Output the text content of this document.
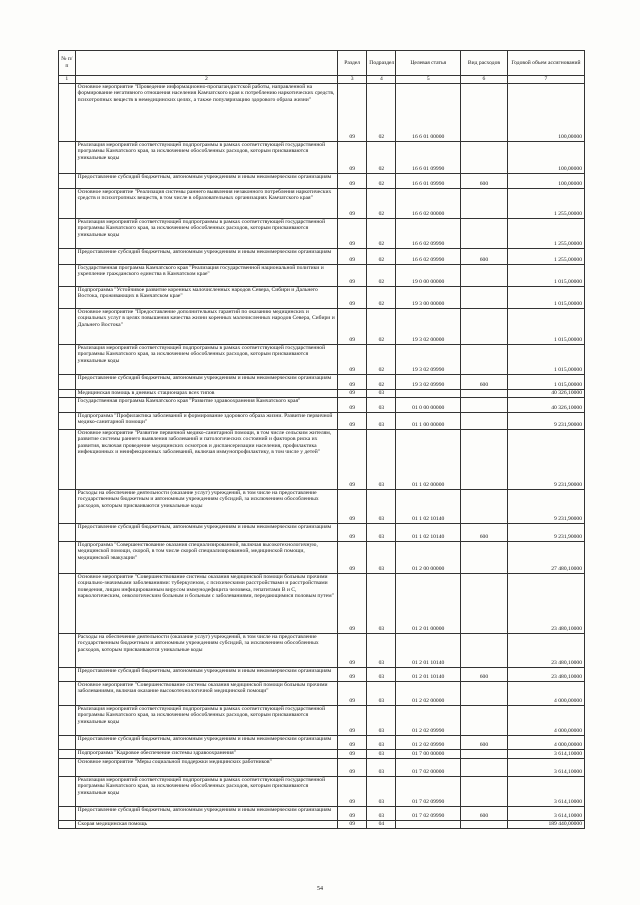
№ п/п		Раздел	Подраздел	Целевая статья	Вид расходов	Годовой объем ассигнований
1	2	3	4	5	6	7
	Основное мероприятие "Проведение информационно-пропагандистской работы, направленной на формирование негативного отношения населения Камчатского края к потреблению наркотических средств, психотропных веществ в немедицинских целях, а также популяризацию здорового образа жизни"	09	02	16 6 01 00000		100,00000
	Реализация мероприятий соответствующей подпрограммы в рамках соответствующей государственной программы Камчатского края, за исключением обособленных расходов, которым присваиваются уникальные коды	09	02	16 6 01 09990		100,00000
	Предоставление субсидий бюджетным, автономным учреждениям и иным некоммерческим организациям	09	02	16 6 01 09990	600	100,00000
	Основное мероприятие "Реализация системы раннего выявления незаконного потребления наркотических средств и психотропных веществ, в том числе в образовательных организациях Камчатского края"	09	02	16 6 02 00000		1 255,00000
	Реализация мероприятий соответствующей подпрограммы в рамках соответствующей государственной программы Камчатского края, за исключением обособленных расходов, которым присваиваются уникальные коды	09	02	16 6 02 09990		1 255,00000
	Предоставление субсидий бюджетным, автономным учреждениям и иным некоммерческим организациям	09	02	16 6 02 09990	600	1 255,00000
	Государственная программа Камчатского края "Реализация государственной национальной политики и укрепление гражданского единства в Камчатском крае"	09	02	19 0 00 00000		1 015,00000
	Подпрограмма "Устойчивое развитие коренных малочисленных народов Севера, Сибири и Дальнего Востока, проживающих в Камчатском крае"	09	02	19 3 00 00000		1 015,00000
	Основное мероприятие "Предоставление дополнительных гарантий по оказанию медицинских и социальных услуг в целях повышения качества жизни коренных малочисленных народов Севера, Сибири и Дальнего Востока"	09	02	19 3 02 00000		1 015,00000
	Реализация мероприятий соответствующей подпрограммы в рамках соответствующей государственной программы Камчатского края, за исключением обособленных расходов, которым присваиваются уникальные коды	09	02	19 3 02 09990		1 015,00000
	Предоставление субсидий бюджетным, автономным учреждениям и иным некоммерческим организациям	09	02	19 3 02 09990	600	1 015,00000
	Медицинская помощь в дневных стационарах всех типов	09	03			40 326,10000
	Государственная программа Камчатского края "Развитие здравоохранения Камчатского края"	09	03	01 0 00 00000		40 326,10000
	Подпрограмма "Профилактика заболеваний и формирование здорового образа жизни. Развитие первичной медико-санитарной помощи"	09	03	01 1 00 00000		9 231,90000
	Основное мероприятие "Развитие первичной медико-санитарной помощи, в том числе сельским жителям, развитие системы раннего выявления заболеваний и патологических состояний и факторов риска их развития, включая проведение медицинских осмотров и диспансеризации населения, профилактика инфекционных и неинфекционных заболеваний, включая иммунопрофилактику, в том числе у детей"	09	03	01 1 02 00000		9 231,90000
	Расходы на обеспечение деятельности (оказание услуг) учреждений, в том числе на предоставление государственным бюджетным и автономным учреждениям субсидий, за исключением обособленных расходов, которым присваиваются уникальные коды	09	03	01 1 02 10140		9 231,90000
	Предоставление субсидий бюджетным, автономным учреждениям и иным некоммерческим организациям	09	03	01 1 02 10140	600	9 231,90000
	Подпрограмма "Совершенствование оказания специализированной, включая высокотехнологичную, медицинской помощи, скорой, в том числе скорой специализированной, медицинской помощи, медицинской эвакуации"	09	03	01 2 00 00000		27 480,10000
	Основное мероприятие "Совершенствование системы оказания медицинской помощи больным прочими социально-значимыми заболеваниями: туберкулезом, с психическими расстройствами и расстройствами поведения, лицам инфицированным вирусом иммунодефицита человека, гепатитами В и С, наркологическим, онкологическим больным и больным с заболеваниями, передающимися половым путем"	09	03	01 2 01 00000		23 480,10000
	Расходы на обеспечение деятельности (оказание услуг) учреждений, в том числе на предоставление государственным бюджетным и автономным учреждениям субсидий, за исключением обособленных расходов, которым присваиваются уникальные коды	09	03	01 2 01 10140		23 480,10000
	Предоставление субсидий бюджетным, автономным учреждениям и иным некоммерческим организациям	09	03	01 2 01 10140	600	23 480,10000
	Основное мероприятие "Совершенствование системы оказания медицинской помощи больным прочими заболеваниями, включая оказание высокотехнологичной медицинской помощи"	09	03	01 2 02 00000		4 000,00000
	Реализация мероприятий соответствующей подпрограммы в рамках соответствующей государственной программы Камчатского края, за исключением обособленных расходов, которым присваиваются уникальные коды	09	03	01 2 02 09990		4 000,00000
	Предоставление субсидий бюджетным, автономным учреждениям и иным некоммерческим организациям	09	03	01 2 02 09990	600	4 000,00000
	Подпрограмма "Кадровое обеспечение системы здравоохранения"	09	03	01 7 00 00000		3 614,10000
	Основное мероприятие "Меры социальной поддержки медицинских работников"	09	03	01 7 02 00000		3 614,10000
	Реализация мероприятий соответствующей подпрограммы в рамках соответствующей государственной программы Камчатского края, за исключением обособленных расходов, которым присваиваются уникальные коды	09	03	01 7 02 09990		3 614,10000
	Предоставление субсидий бюджетным, автономным учреждениям и иным некоммерческим организациям	09	03	01 7 02 09990	600	3 614,10000
	Скорая медицинская помощь	09	04			189 440,00000
54
